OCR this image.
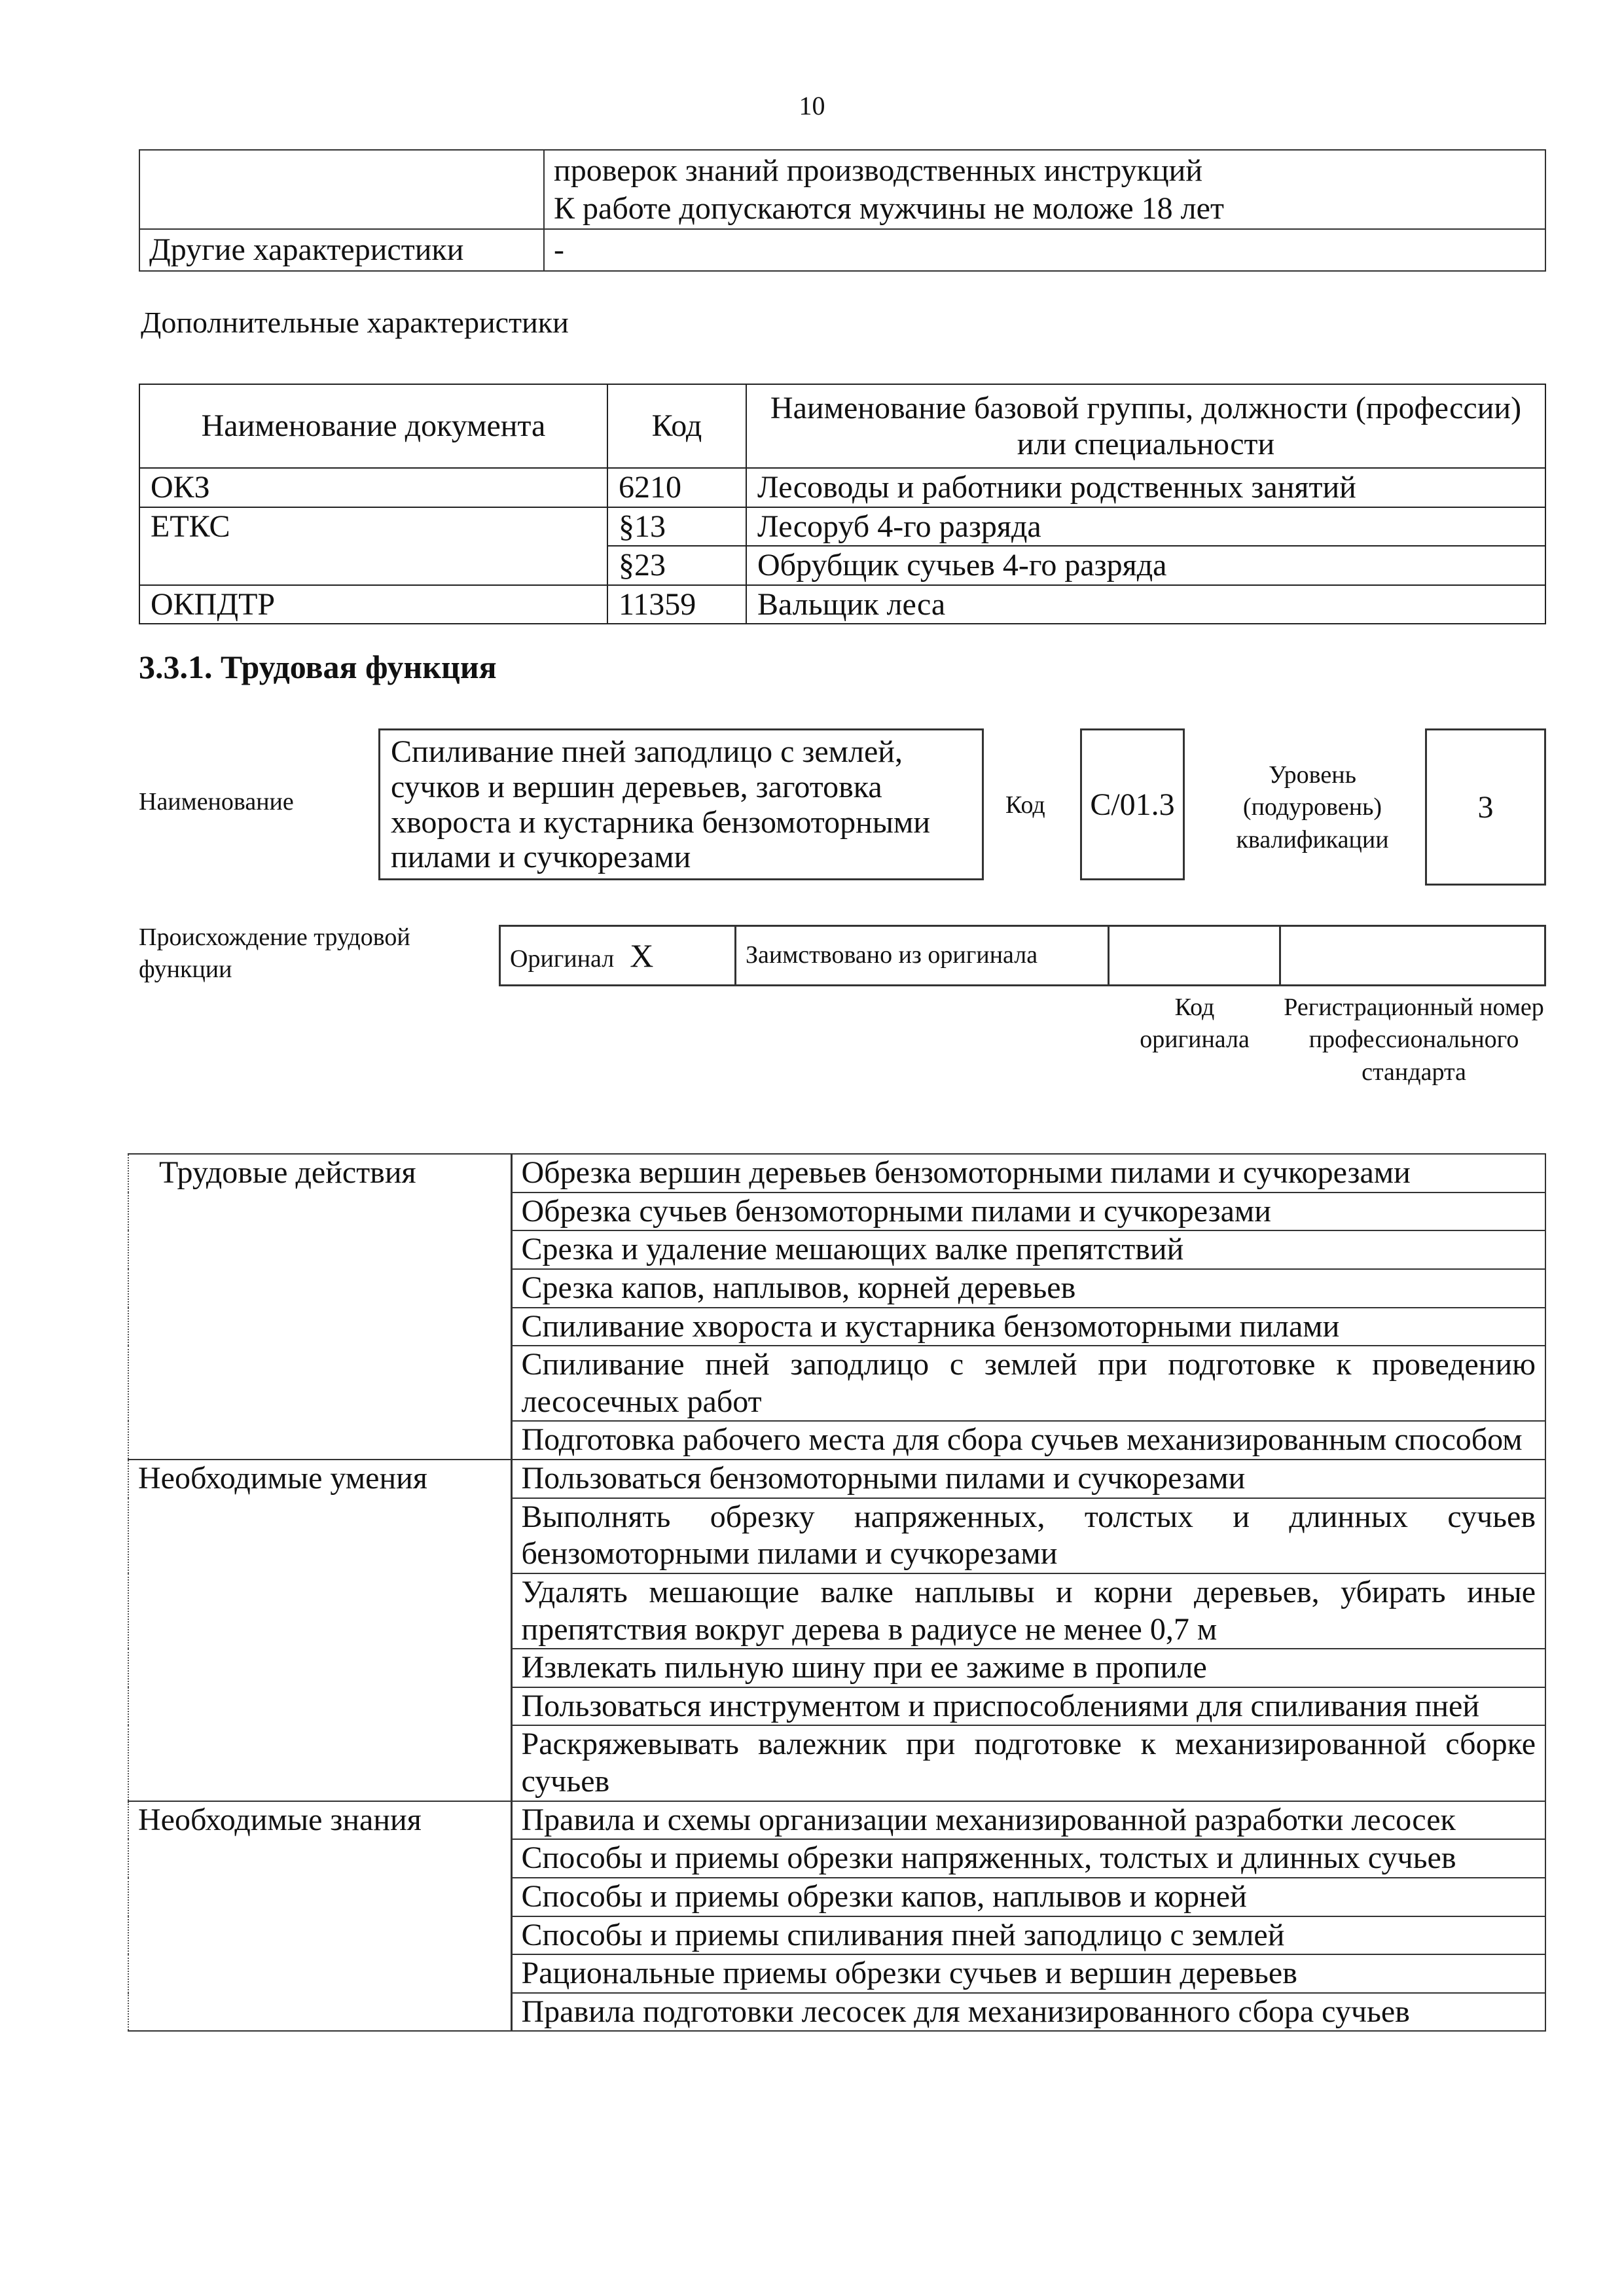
10

	проверок знаний производственных инструкций
К работе допускаются мужчины не моложе 18 лет

Другие характеристики	-
Дополнительные характеристики
Наименование документа	Код	Наименование базовой группы, должности (профессии) или специальности
ОКЗ	6210	Лесоводы и работники родственных занятий
ЕТКС	§13	Лесоруб 4-го разряда
	§23	Обрубщик сучьев 4-го разряда
ОКПДТР	11359	Вальщик леса
3.3.1. Трудовая функция
Наименование
Спиливание пней заподлицо с землей, сучков и вершин деревьев, заготовка хвороста и кустарника бензомоторными пилами и сучкорезами
Код	С/01.3
Уровень (подуровень) квалификации
3
Происхождение трудовой
функции	Оригинал X	Заимствовано из оригинала		
Код оригинала
Регистрационный номер профессионального стандарта
Трудовые действия	Обрезка вершин деревьев бензомоторными пилами и сучкорезами
	Обрезка сучьев бензомоторными пилами и сучкорезами
	Срезка и удаление мешающих валке препятствий
	Срезка капов, наплывов, корней деревьев
	Спиливание хвороста и кустарника бензомоторными пилами
	Спиливание пней заподлицо с землей при подготовке к проведению лесосечных работ
	Подготовка рабочего места для сбора сучьев механизированным способом
Необходимые умения	Пользоваться бензомоторными пилами и сучкорезами
	Выполнять обрезку напряженных, толстых и длинных сучьев бензомоторными пилами и сучкорезами
	Удалять мешающие валке наплывы и корни деревьев, убирать иные препятствия вокруг дерева в радиусе не менее 0,7 м
	Извлекать пильную шину при ее зажиме в пропиле
	Пользоваться инструментом и приспособлениями для спиливания пней
	Раскряжевывать валежник при подготовке к механизированной сборке сучьев
Необходимые знания	Правила и схемы организации механизированной разработки лесосек
	Способы и приемы обрезки напряженных, толстых и длинных сучьев
	Способы и приемы обрезки капов, наплывов и корней
	Способы и приемы спиливания пней заподлицо с землей
	Рациональные приемы обрезки сучьев и вершин деревьев
	Правила подготовки лесосек для механизированного сбора сучьев
